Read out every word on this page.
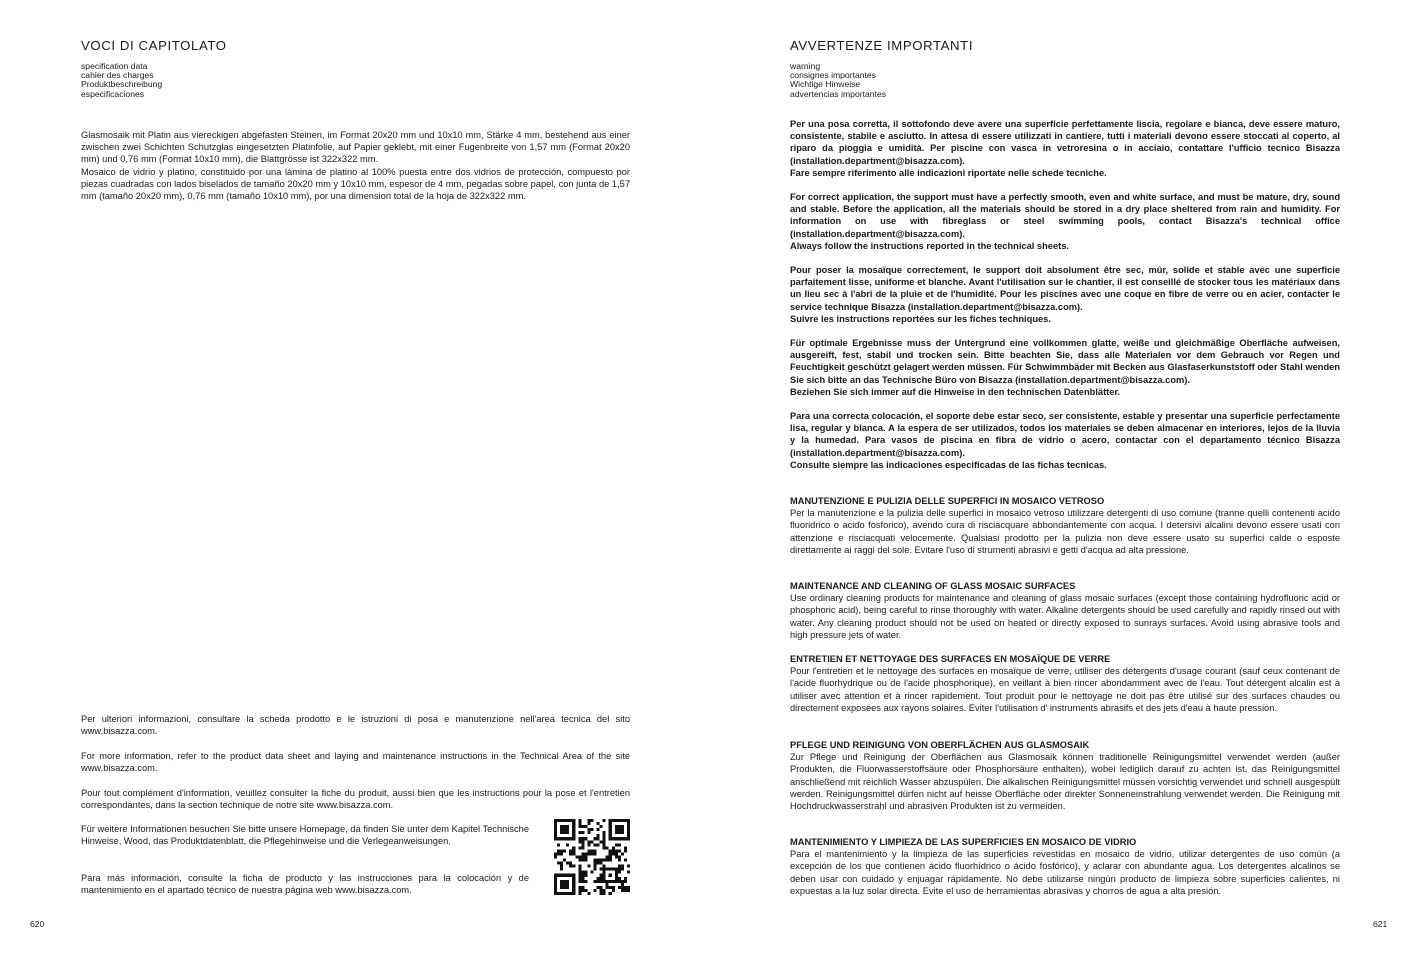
VOCI DI CAPITOLATO
specification data
cahier des charges
Produktbeschreibung
especificaciones

Glasmosaik mit Platin aus viereckigen abgefasten Steinen, im Format 20x20 mm und 10x10 mm, Stärke 4 mm, bestehend aus einer zwischen zwei Schichten Schutzglas eingesetzten Platinfolie, auf Papier geklebt, mit einer Fugenbreite von 1,57 mm (Format 20x20 mm) und 0,76 mm (Format 10x10 mm), die Blattgrösse ist 322x322 mm.

Mosaico de vidrio y platino, constituido por una lámina de platino al 100% puesta entre dos vidrios de protección, compuesto por piezas cuadradas con lados biselados de tamaño 20x20 mm y 10x10 mm, espesor de 4 mm, pegadas sobre papel, con junta de 1,57 mm (tamaño 20x20 mm), 0,76 mm (tamaño 10x10 mm), por una dimension total de la hoja de 322x322 mm.

Per ulteriori informazioni, consultare la scheda prodotto e le istruzioni di posa e manutenzione nell'area tecnica del sito www.bisazza.com.

For more information, refer to the product data sheet and laying and maintenance instructions in the Technical Area of the site www.bisazza.com.

Pour tout complément d'information, veuillez consulter la fiche du produit, aussi bien que les instructions pour la pose et l'entretien correspondantes, dans la section technique de notre site www.bisazza.com.

Für weitere Informationen besuchen Sie bitte unsere Homepage, da finden Sie unter dem Kapitel Technische Hinweise, Wood, das Produktdatenblatt, die Pflegehinweise und die Verlegeanweisungen.

Para más información, consulte la ficha de producto y las instrucciones para la colocación y de mantenimiento en el apartado técnico de nuestra página web www.bisazza.com.

620
AVVERTENZE IMPORTANTI
warning
consignes importantes
Wichtige Hinweise
advertencias importantes

Per una posa corretta, il sottofondo deve avere una superficie perfettamente liscia, regolare e bianca, deve essere maturo, consistente, stabile e asciutto. In attesa di essere utilizzati in cantiere, tutti i materiali devono essere stoccati al coperto, al riparo da pioggia e umidità. Per piscine con vasca in vetroresina o in acciaio, contattare l'ufficio tecnico Bisazza (installation.department@bisazza.com).
Fare sempre riferimento alle indicazioni riportate nelle schede tecniche.

For correct application, the support must have a perfectly smooth, even and white surface, and must be mature, dry, sound and stable. Before the application, all the materials should be stored in a dry place sheltered from rain and humidity. For information on use with fibreglass or steel swimming pools, contact Bisazza's technical office (installation.department@bisazza.com).
Always follow the instructions reported in the technical sheets.

Pour poser la mosaïque correctement, le support doit absolument être sec, mûr, solide et stable avec une superficie parfaitement lisse, uniforme et blanche. Avant l'utilisation sur le chantier, il est conseillé de stocker tous les matériaux dans un lieu sec à l'abri de la pluie et de l'humidité. Pour les piscines avec une coque en fibre de verre ou en acier, contacter le service technique Bisazza (installation.department@bisazza.com).
Suivre les instructions reportées sur les fiches techniques.

Für optimale Ergebnisse muss der Untergrund eine vollkommen glatte, weiße und gleichmäßige Oberfläche aufweisen, ausgereift, fest, stabil und trocken sein. Bitte beachten Sie, dass alle Materialen vor dem Gebrauch vor Regen und Feuchtigkeit geschützt gelagert werden müssen. Für Schwimmbäder mit Becken aus Glasfaserkunststoff oder Stahl wenden Sie sich bitte an das Technische Büro von Bisazza (installation.department@bisazza.com).
Beziehen Sie sich immer auf die Hinweise in den technischen Datenblätter.

Para una correcta colocación, el soporte debe estar seco, ser consistente, estable y presentar una superficie perfectamente lisa, regular y blanca. A la espera de ser utilizados, todos los materiales se deben almacenar en interiores, lejos de la lluvia y la humedad. Para vasos de piscina en fibra de vidrio o acero, contactar con el departamento técnico Bisazza (installation.department@bisazza.com).
Consulte siempre las indicaciones especificadas de las fichas tecnicas.

MANUTENZIONE E PULIZIA DELLE SUPERFICI IN MOSAICO VETROSO

Per la manutenzione e la pulizia delle superfici in mosaico vetroso utilizzare detergenti di uso comune (tranne quelli contenenti acido fluoridrico o acido fosforico), avendo cura di risciacquare abbondantemente con acqua. I detersivi alcalini devono essere usati con attenzione e risciacquati velocemente. Qualsiasi prodotto per la pulizia non deve essere usato su superfici calde o esposte direttamente ai raggi del sole. Evitare l'uso di strumenti abrasivi e getti d'acqua ad alta pressione.

MAINTENANCE AND CLEANING OF GLASS MOSAIC SURFACES

Use ordinary cleaning products for maintenance and cleaning of glass mosaic surfaces (except those containing hydrofluoric acid or phosphoric acid), being careful to rinse thoroughly with water. Alkaline detergents should be used carefully and rapidly rinsed out with water. Any cleaning product should not be used on heated or directly exposed to sunrays surfaces. Avoid using abrasive tools and high pressure jets of water.

ENTRETIEN ET NETTOYAGE DES SURFACES EN MOSAÏQUE DE VERRE

Pour l'entretien et le nettoyage des surfaces en mosaïque de verre, utiliser des détergents d'usage courant (sauf ceux contenant de l'acide fluorhydrique ou de l'acide phosphorique), en veillant à bien rincer abondamment avec de l'eau. Tout détergent alcalin est à utiliser avec attention et à rincer rapidement. Tout produit pour le nettoyage ne doit pas être utilisé sur des surfaces chaudes ou directement exposées aux rayons solaires. Eviter l'utilisation d' instruments abrasifs et des jets d'eau à haute pression.

PFLEGE UND REINIGUNG VON OBERFLÄCHEN AUS GLASMOSAIK

Zur Pflege und Reinigung der Oberflächen aus Glasmosaik können traditionelle Reinigungsmittel verwendet werden (außer Produkten, die Fluorwasserstoffsäure oder Phosphorsäure enthalten), wobei lediglich darauf zu achten ist, das Reinigungsmittel anschließend mit reichlich Wasser abzuspülen. Die alkalischen Reinigungsmittel müssen vorsichtig verwendet und schnell ausgespült werden. Reinigungsmittel dürfen nicht auf heisse Oberfläche oder direkter Sonneneinstrahlung verwendet werden. Die Reinigung mit Hochdruckwasserstrahl und abrasiven Produkten ist zu vermeiden.

MANTENIMIENTO Y LIMPIEZA DE LAS SUPERFICIES EN MOSAICO DE VIDRIO

Para el mantenimiento y la limpieza de las superficies revestidas en mosaico de vidrio, utilizar detergentes de uso común (a excepción de los que contienen ácido fluorhídrico o ácido fosfórico), y aclarar con abundante agua. Los detergentes alcalinos se deben usar con cuidado y enjuagar rápidamente. No debe utilizarse ningún producto de limpieza sobre superficies calientes, ni expuestas a la luz solar directa. Evite el uso de herramientas abrasivas y chorros de agua a alta presión.

621
